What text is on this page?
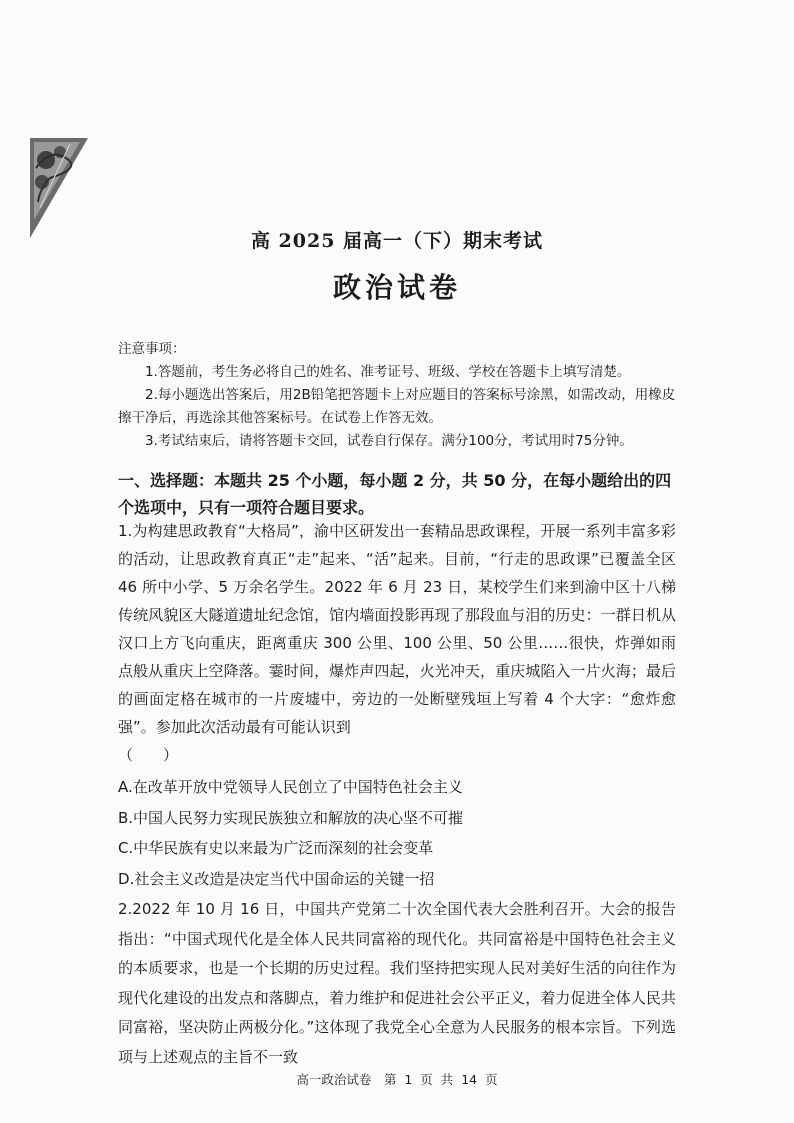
高 2025 届高一（下）期末考试
政治试卷

注意事项：

1.答题前，考生务必将自己的姓名、准考证号、班级、学校在答题卡上填写清楚。

2.每小题选出答案后，用2B铅笔把答题卡上对应题目的答案标号涂黑，如需改动，用橡皮擦干净后，再选涂其他答案标号。在试卷上作答无效。

3.考试结束后，请将答题卡交回，试卷自行保存。满分100分，考试用时75分钟。

一、选择题：本题共 25 个小题，每小题 2 分，共 50 分，在每小题给出的四个选项中，只有一项符合题目要求。

1.为构建思政教育“大格局”，渝中区研发出一套精品思政课程，开展一系列丰富多彩的活动，让思政教育真正“走”起来、“活”起来。目前，“行走的思政课”已覆盖全区 46 所中小学、5 万余名学生。2022 年 6 月 23 日，某校学生们来到渝中区十八梯传统风貌区大隧道遗址纪念馆，馆内墙面投影再现了那段血与泪的历史：一群日机从汉口上方飞向重庆，距离重庆 300 公里、100 公里、50 公里……很快，炸弹如雨点般从重庆上空降落。霎时间，爆炸声四起，火光冲天，重庆城陷入一片火海；最后的画面定格在城市的一片废墟中，旁边的一处断壁残垣上写着 4 个大字：“愈炸愈强”。参加此次活动最有可能认识到

（　　）

A.在改革开放中党领导人民创立了中国特色社会主义
B.中国人民努力实现民族独立和解放的决心坚不可摧
C.中华民族有史以来最为广泛而深刻的社会变革
D.社会主义改造是决定当代中国命运的关键一招

2.2022 年 10 月 16 日，中国共产党第二十次全国代表大会胜利召开。大会的报告指出：“中国式现代化是全体人民共同富裕的现代化。共同富裕是中国特色社会主义的本质要求，也是一个长期的历史过程。我们坚持把实现人民对美好生活的向往作为现代化建设的出发点和落脚点，着力维护和促进社会公平正义，着力促进全体人民共同富裕，坚决防止两极分化。”这体现了我党全心全意为人民服务的根本宗旨。下列选项与上述观点的主旨不一致

高一政治试卷　第 1 页 共 14 页
